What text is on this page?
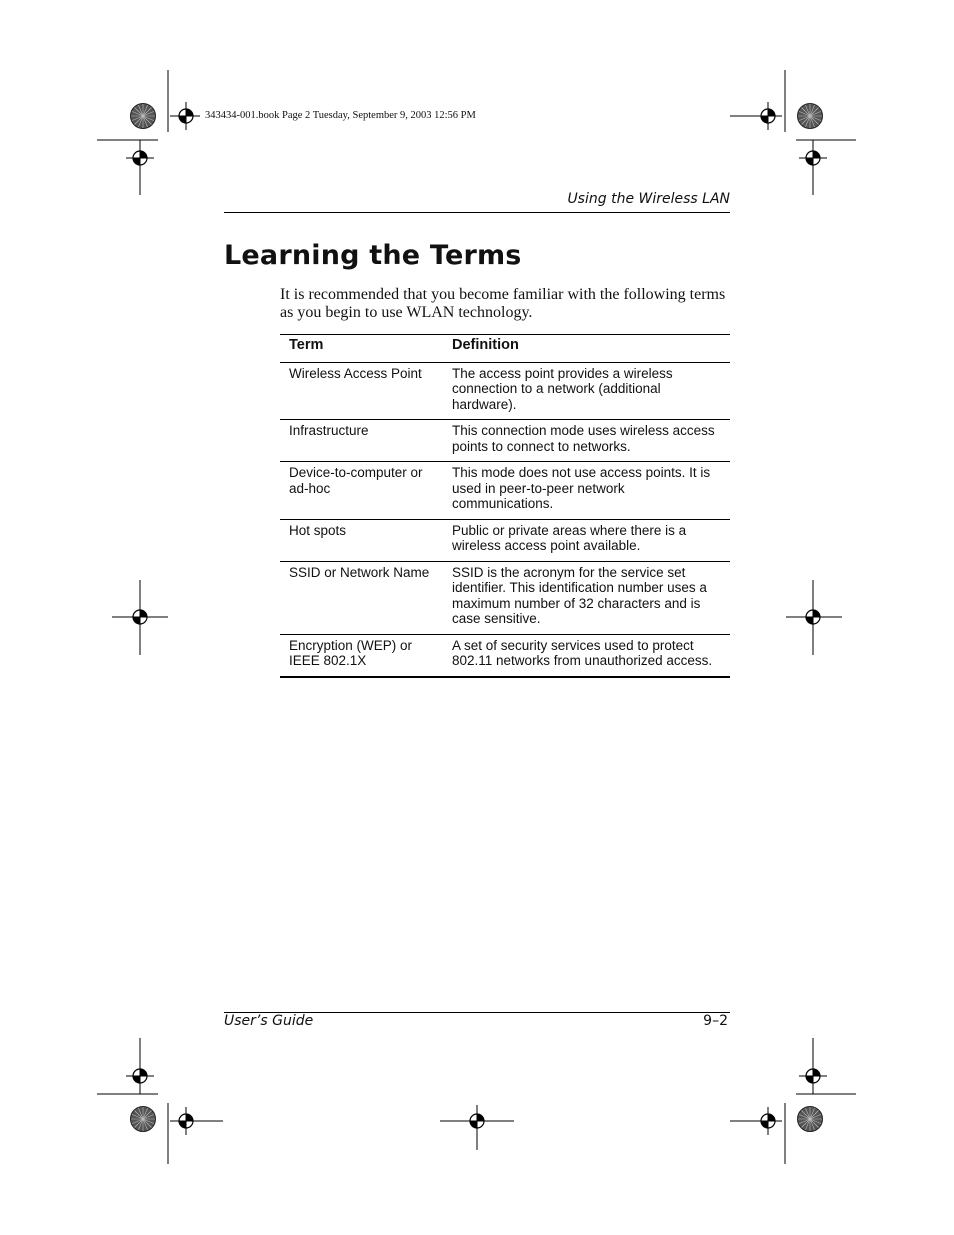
343434-001.book Page 2 Tuesday, September 9, 2003 12:56 PM
Using the Wireless LAN
Learning the Terms

It is recommended that you become familiar with the following terms as you begin to use WLAN technology.

Term	Definition
Wireless Access Point	The access point provides a wireless connection to a network (additional hardware).
Infrastructure	This connection mode uses wireless access points to connect to networks.
Device-to-computer or ad-hoc	This mode does not use access points. It is used in peer-to-peer network communications.
Hot spots	Public or private areas where there is a wireless access point available.
SSID or Network Name	SSID is the acronym for the service set identifier. This identification number uses a maximum number of 32 characters and is case sensitive.
Encryption (WEP) or IEEE 802.1X	A set of security services used to protect 802.11 networks from unauthorized access.
User’s Guide	9–2
